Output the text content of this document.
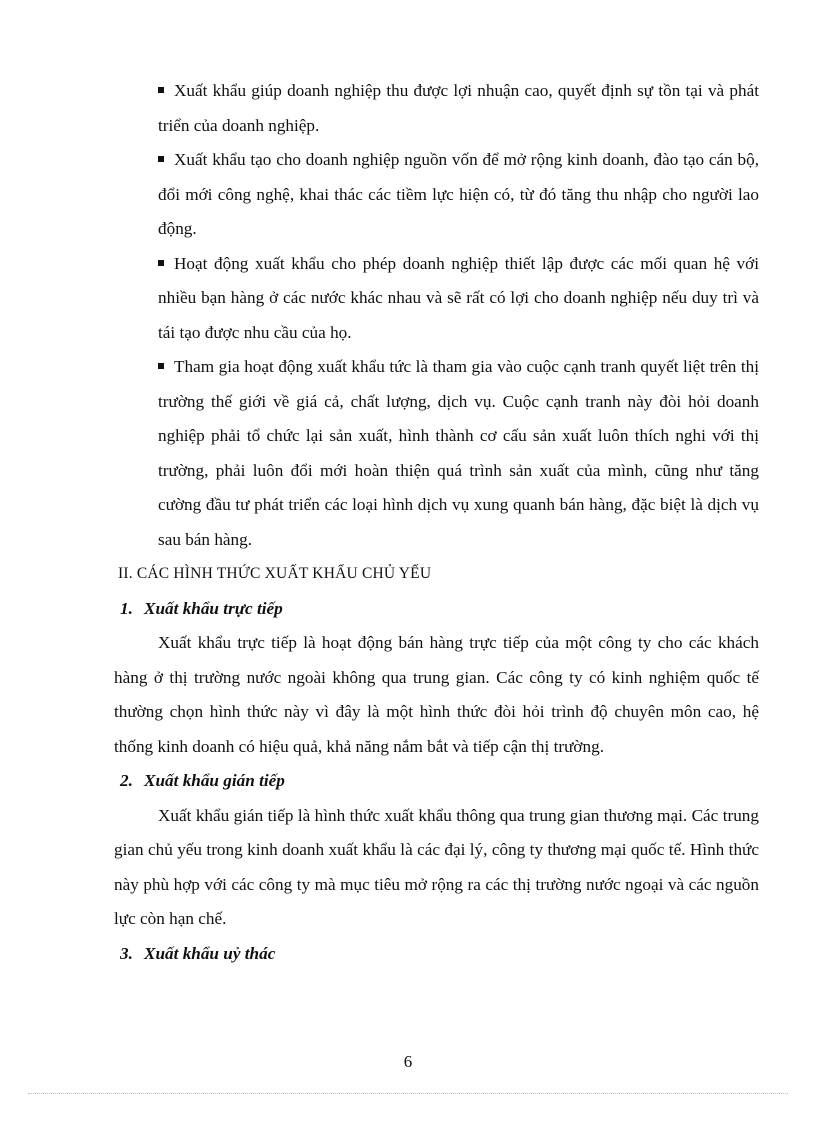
Xuất khẩu giúp doanh nghiệp thu được lợi nhuận cao, quyết định sự tồn tại và phát triển của doanh nghiệp.

Xuất khẩu tạo cho doanh nghiệp nguồn vốn để mở rộng kinh doanh, đào tạo cán bộ, đổi mới công nghệ, khai thác các tiềm lực hiện có, từ đó tăng thu nhập cho người lao động.

Hoạt động xuất khẩu cho phép doanh nghiệp thiết lập được các mối quan hệ với nhiều bạn hàng ở các nước khác nhau và sẽ rất có lợi cho doanh nghiệp nếu duy trì và tái tạo được nhu cầu của họ.

Tham gia hoạt động xuất khẩu tức là tham gia vào cuộc cạnh tranh quyết liệt trên thị trường thế giới về giá cả, chất lượng, dịch vụ. Cuộc cạnh tranh này đòi hỏi doanh nghiệp phải tổ chức lại sản xuất, hình thành cơ cấu sản xuất luôn thích nghi với thị trường, phải luôn đổi mới hoàn thiện quá trình sản xuất của mình, cũng như tăng cường đầu tư phát triển các loại hình dịch vụ xung quanh bán hàng, đặc biệt là dịch vụ sau bán hàng.

II. CÁC HÌNH THỨC XUẤT KHẨU CHỦ YẾU

1. Xuất khẩu trực tiếp

Xuất khẩu trực tiếp là hoạt động bán hàng trực tiếp của một công ty cho các khách hàng ở thị trường nước ngoài không qua trung gian. Các công ty có kinh nghiệm quốc tế thường chọn hình thức này vì đây là một hình thức đòi hỏi trình độ chuyên môn cao, hệ thống kinh doanh có hiệu quả, khả năng nắm bắt và tiếp cận thị trường.

2. Xuất khẩu gián tiếp

Xuất khẩu gián tiếp là hình thức xuất khẩu thông qua trung gian thương mại. Các trung gian chủ yếu trong kinh doanh xuất khẩu là các đại lý, công ty thương mại quốc tế. Hình thức này phù hợp với các công ty mà mục tiêu mở rộng ra các thị trường nước ngoại và các nguồn lực còn hạn chế.

3. Xuất khẩu uỷ thác

6
